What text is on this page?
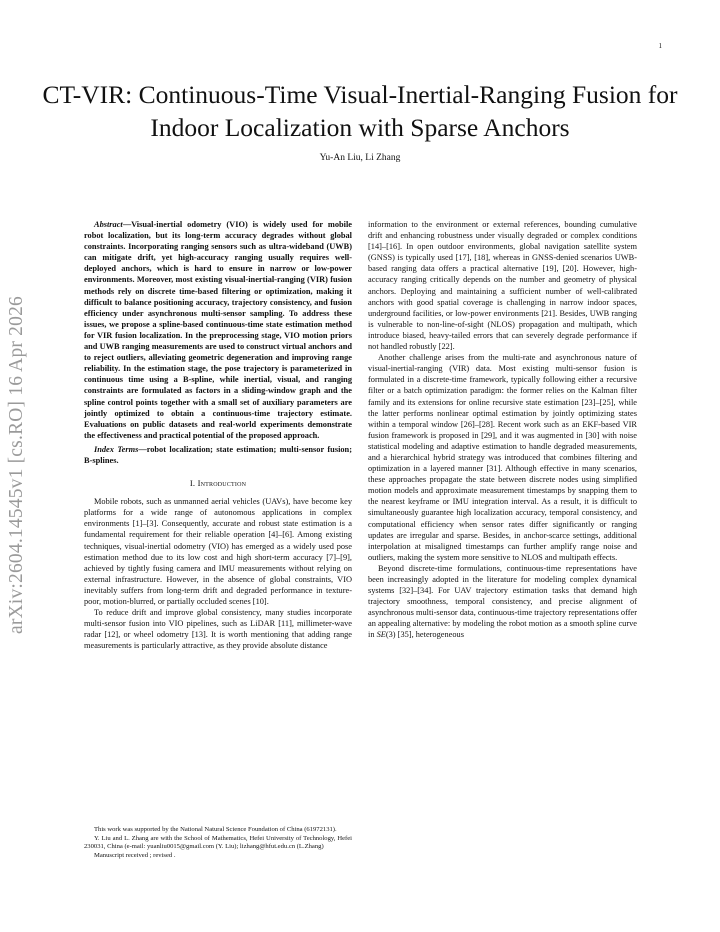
1
arXiv:2604.14545v1 [cs.RO] 16 Apr 2026
CT-VIR: Continuous-Time Visual-Inertial-Ranging Fusion for Indoor Localization with Sparse Anchors
Yu-An Liu, Li Zhang

Abstract—Visual-inertial odometry (VIO) is widely used for mobile robot localization, but its long-term accuracy degrades without global constraints. Incorporating ranging sensors such as ultra-wideband (UWB) can mitigate drift, yet high-accuracy ranging usually requires well-deployed anchors, which is hard to ensure in narrow or low-power environments. Moreover, most existing visual-inertial-ranging (VIR) fusion methods rely on discrete time-based filtering or optimization, making it difficult to balance positioning accuracy, trajectory consistency, and fusion efficiency under asynchronous multi-sensor sampling. To address these issues, we propose a spline-based continuous-time state estimation method for VIR fusion localization. In the preprocessing stage, VIO motion priors and UWB ranging measurements are used to construct virtual anchors and to reject outliers, alleviating geometric degeneration and improving range reliability. In the estimation stage, the pose trajectory is parameterized in continuous time using a B-spline, while inertial, visual, and ranging constraints are formulated as factors in a sliding-window graph and the spline control points together with a small set of auxiliary parameters are jointly optimized to obtain a continuous-time trajectory estimate. Evaluations on public datasets and real-world experiments demonstrate the effectiveness and practical potential of the proposed approach.

Index Terms—robot localization; state estimation; multi-sensor fusion; B-splines.

I. Introduction

Mobile robots, such as unmanned aerial vehicles (UAVs), have become key platforms for a wide range of autonomous applications in complex environments [1]–[3]. Consequently, accurate and robust state estimation is a fundamental requirement for their reliable operation [4]–[6]. Among existing techniques, visual-inertial odometry (VIO) has emerged as a widely used pose estimation method due to its low cost and high short-term accuracy [7]–[9], achieved by tightly fusing camera and IMU measurements without relying on external infrastructure. However, in the absence of global constraints, VIO inevitably suffers from long-term drift and degraded performance in texture-poor, motion-blurred, or partially occluded scenes [10].

To reduce drift and improve global consistency, many studies incorporate multi-sensor fusion into VIO pipelines, such as LiDAR [11], millimeter-wave radar [12], or wheel odometry [13]. It is worth mentioning that adding range measurements is particularly attractive, as they provide absolute distance

information to the environment or external references, bounding cumulative drift and enhancing robustness under visually degraded or complex conditions [14]–[16]. In open outdoor environments, global navigation satellite system (GNSS) is typically used [17], [18], whereas in GNSS-denied scenarios UWB-based ranging data offers a practical alternative [19], [20]. However, high-accuracy ranging critically depends on the number and geometry of physical anchors. Deploying and maintaining a sufficient number of well-calibrated anchors with good spatial coverage is challenging in narrow indoor spaces, underground facilities, or low-power environments [21]. Besides, UWB ranging is vulnerable to non-line-of-sight (NLOS) propagation and multipath, which introduce biased, heavy-tailed errors that can severely degrade performance if not handled robustly [22].

Another challenge arises from the multi-rate and asynchronous nature of visual-inertial-ranging (VIR) data. Most existing multi-sensor fusion is formulated in a discrete-time framework, typically following either a recursive filter or a batch optimization paradigm: the former relies on the Kalman filter family and its extensions for online recursive state estimation [23]–[25], while the latter performs nonlinear optimal estimation by jointly optimizing states within a temporal window [26]–[28]. Recent work such as an EKF-based VIR fusion framework is proposed in [29], and it was augmented in [30] with noise statistical modeling and adaptive estimation to handle degraded measurements, and a hierarchical hybrid strategy was introduced that combines filtering and optimization in a layered manner [31]. Although effective in many scenarios, these approaches propagate the state between discrete nodes using simplified motion models and approximate measurement timestamps by snapping them to the nearest keyframe or IMU integration interval. As a result, it is difficult to simultaneously guarantee high localization accuracy, temporal consistency, and computational efficiency when sensor rates differ significantly or ranging updates are irregular and sparse. Besides, in anchor-scarce settings, additional interpolation at misaligned timestamps can further amplify range noise and outliers, making the system more sensitive to NLOS and multipath effects.

Beyond discrete-time formulations, continuous-time representations have been increasingly adopted in the literature for modeling complex dynamical systems [32]–[34]. For UAV trajectory estimation tasks that demand high trajectory smoothness, temporal consistency, and precise alignment of asynchronous multi-sensor data, continuous-time trajectory representations offer an appealing alternative: by modeling the robot motion as a smooth spline curve in SE(3) [35], heterogeneous

This work was supported by the National Natural Science Foundation of China (61972131).

Y. Liu and L. Zhang are with the School of Mathematics, Hefei University of Technology, Hefei 230031, China (e-mail: yuanliu0015@gmail.com (Y. Liu); lizhang@hfut.edu.cn (L.Zhang)

Manuscript received ; revised .
